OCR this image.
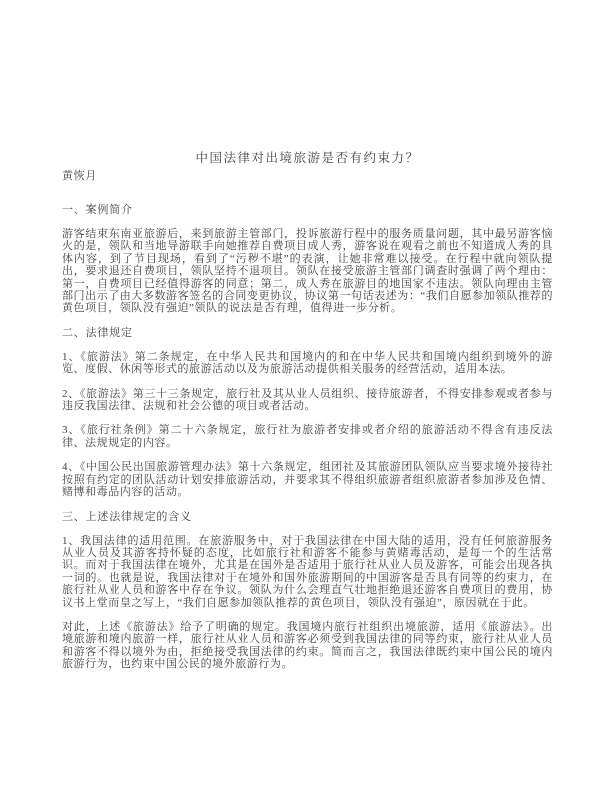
中国法律对出境旅游是否有约束力？
黄恢月
一、案例简介

游客结束东南亚旅游后，来到旅游主管部门，投诉旅游行程中的服务质量问题，其中最另游客恼火的是，领队和当地导游联手向她推荐自费项目成人秀，游客说在观看之前也不知道成人秀的具体内容，到了节目现场，看到了“污秽不堪”的表演，让她非常难以接受。在行程中就向领队提出，要求退还自费项目，领队坚持不退项目。领队在接受旅游主管部门调查时强调了两个理由：第一，自费项目已经值得游客的同意；第二，成人秀在旅游目的地国家不违法。领队向理由主管部门出示了由大多数游客签名的合同变更协议，协议第一句话表述为：“我们自愿参加领队推荐的黄色项目，领队没有强迫”领队的说法是否有理，值得进一步分析。

二、法律规定

1、《旅游法》第二条规定，在中华人民共和国境内的和在中华人民共和国境内组织到境外的游览、度假、休闲等形式的旅游活动以及为旅游活动提供相关服务的经营活动，适用本法。

2、《旅游法》第三十三条规定，旅行社及其从业人员组织、接待旅游者，不得安排参观或者参与违反我国法律、法规和社会公德的项目或者活动。

3、《旅行社条例》第二十六条规定，旅行社为旅游者安排或者介绍的旅游活动不得含有违反法律、法规规定的内容。

4、《中国公民出国旅游管理办法》第十六条规定，组团社及其旅游团队领队应当要求境外接待社按照有约定的团队活动计划安排旅游活动，并要求其不得组织旅游者组织旅游者参加涉及色情、赌博和毒品内容的活动。

三、上述法律规定的含义

1、我国法律的适用范围。在旅游服务中，对于我国法律在中国大陆的适用，没有任何旅游服务从业人员及其游客持怀疑的态度，比如旅行社和游客不能参与黄赌毒活动，是每一个的生活常识。而对于我国法律在境外，尤其是在国外是否适用于旅行社从业人员及游客，可能会出现各执一词的。也就是说，我国法律对于在境外和国外旅游期间的中国游客是否具有同等的约束力，在旅行社从业人员和游客中存在争议。领队为什么会理直气壮地拒绝退还游客自费项目的费用，协议书上堂而皇之写上，“我们自愿参加领队推荐的黄色项目，领队没有强迫”，原因就在于此。

对此，上述《旅游法》给予了明确的规定。我国境内旅行社组织出境旅游，适用《旅游法》。出境旅游和境内旅游一样，旅行社从业人员和游客必须受到我国法律的同等约束，旅行社从业人员和游客不得以境外为由，拒绝接受我国法律的约束。简而言之，我国法律既约束中国公民的境内旅游行为，也约束中国公民的境外旅游行为。
